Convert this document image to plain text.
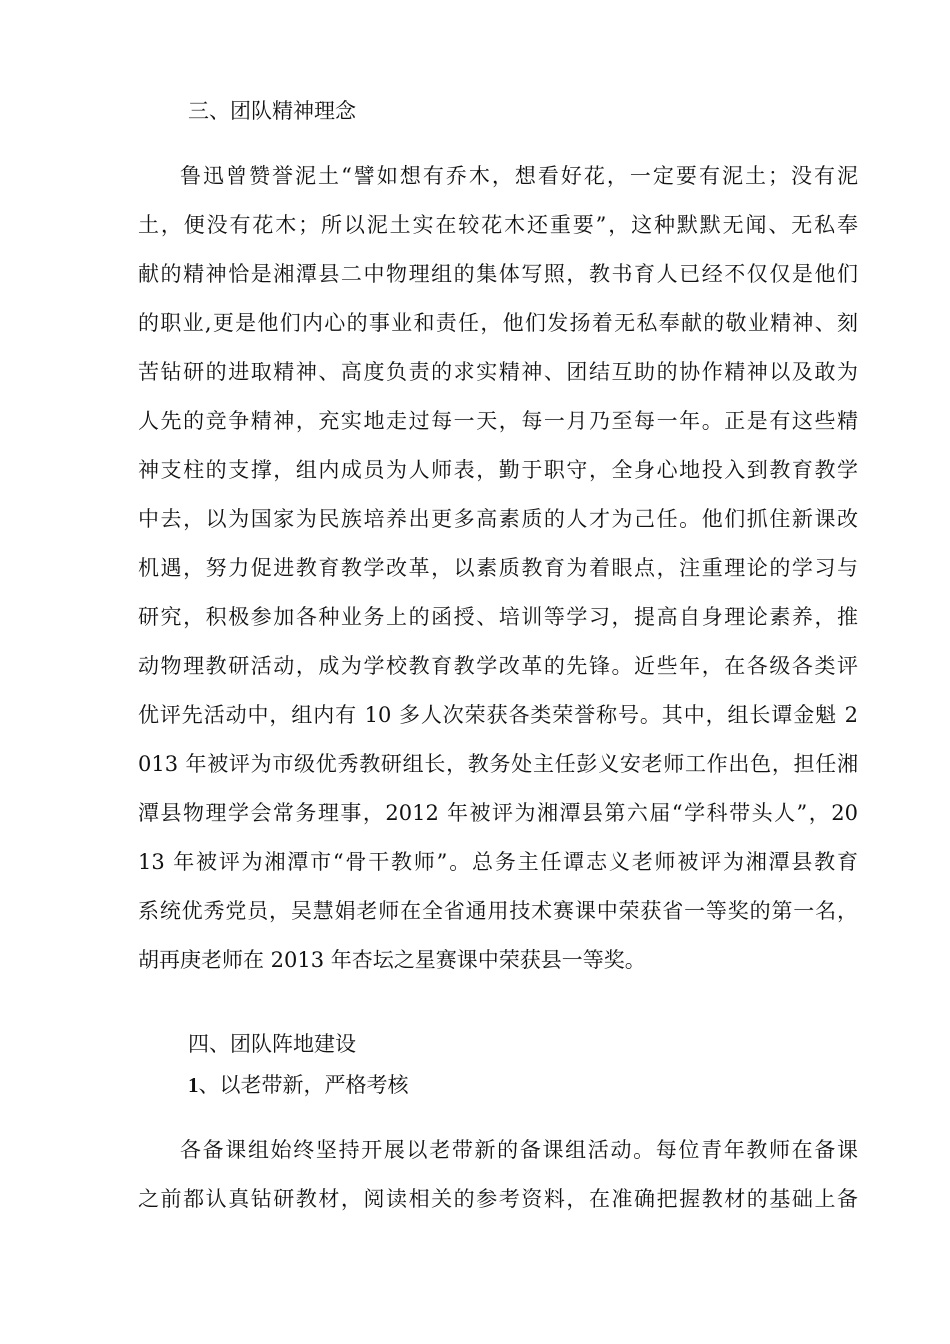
三、团队精神理念
鲁迅曾赞誉泥土“譬如想有乔木，想看好花，一定要有泥土；没有泥
土，便没有花木；所以泥土实在较花木还重要”，这种默默无闻、无私奉
献的精神恰是湘潭县二中物理组的集体写照，教书育人已经不仅仅是他们
的职业,更是他们内心的事业和责任，他们发扬着无私奉献的敬业精神、刻
苦钻研的进取精神、高度负责的求实精神、团结互助的协作精神以及敢为
人先的竞争精神，充实地走过每一天，每一月乃至每一年。正是有这些精
神支柱的支撑，组内成员为人师表，勤于职守，全身心地投入到教育教学
中去，以为国家为民族培养出更多高素质的人才为己任。他们抓住新课改
机遇，努力促进教育教学改革，以素质教育为着眼点，注重理论的学习与
研究，积极参加各种业务上的函授、培训等学习，提高自身理论素养，推
动物理教研活动，成为学校教育教学改革的先锋。近些年，在各级各类评
优评先活动中，组内有 10 多人次荣获各类荣誉称号。其中，组长谭金魁 2
013 年被评为市级优秀教研组长，教务处主任彭义安老师工作出色，担任湘
潭县物理学会常务理事，2012 年被评为湘潭县第六届“学科带头人”，20
13 年被评为湘潭市“骨干教师”。总务主任谭志义老师被评为湘潭县教育
系统优秀党员，吴慧娟老师在全省通用技术赛课中荣获省一等奖的第一名，
胡再庚老师在 2013 年杏坛之星赛课中荣获县一等奖。
四、团队阵地建设
1、以老带新，严格考核
各备课组始终坚持开展以老带新的备课组活动。每位青年教师在备课
之前都认真钻研教材，阅读相关的参考资料，在准确把握教材的基础上备
